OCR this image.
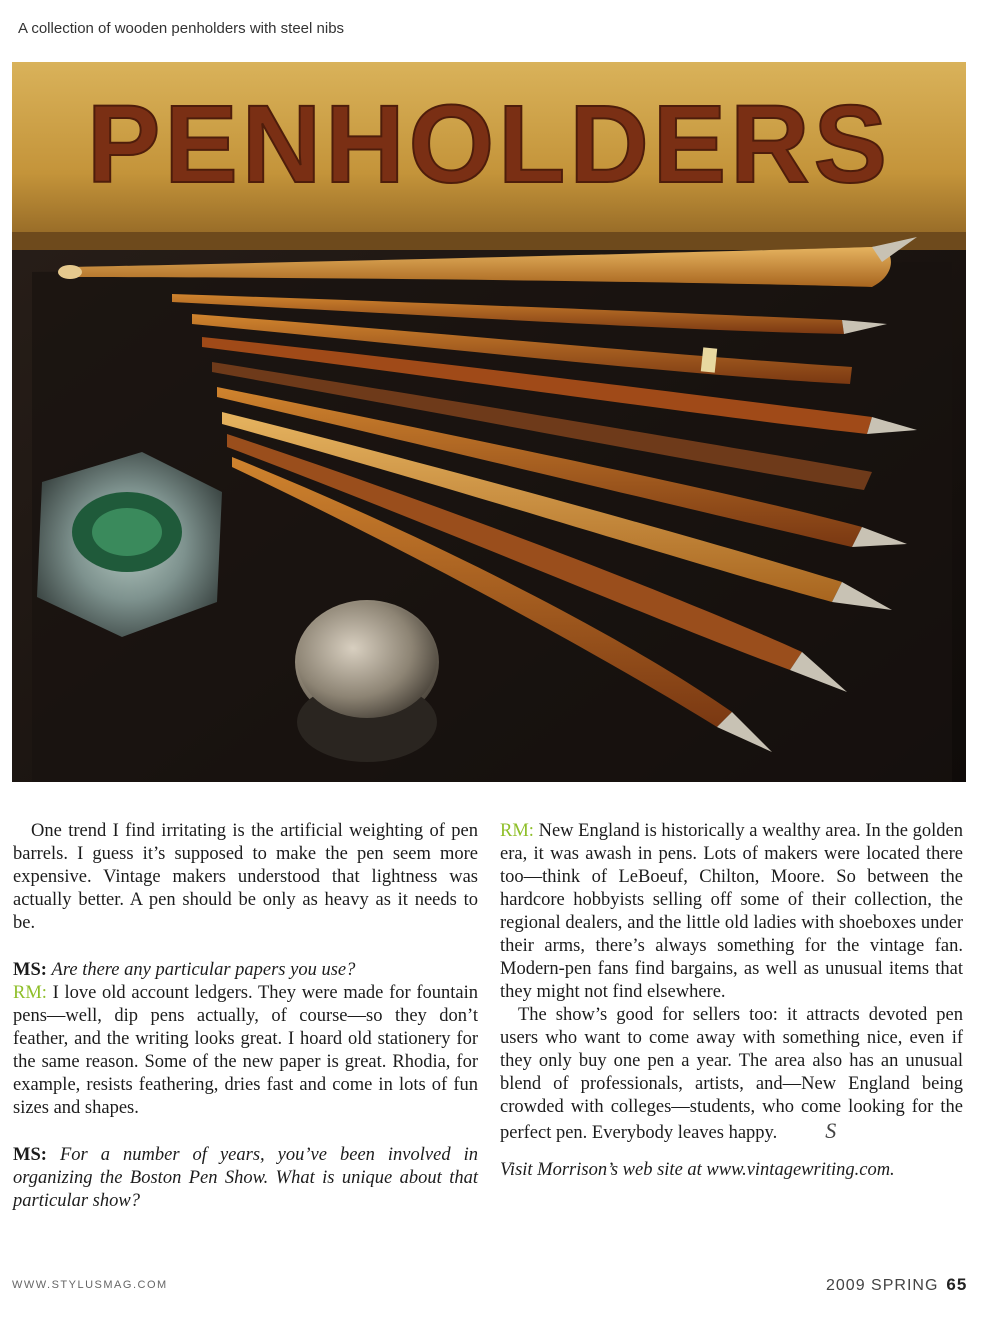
A collection of wooden penholders with steel nibs
PENHOLDERS

One trend I find irritating is the artificial weighting of pen barrels. I guess it’s supposed to make the pen seem more expensive. Vintage makers understood that lightness was actually better. A pen should be only as heavy as it needs to be.

MS: Are there any particular papers you use?

RM: I love old account ledgers. They were made for fountain pens—well, dip pens actually, of course—so they don’t feather, and the writing looks great. I hoard old stationery for the same reason. Some of the new paper is great. Rhodia, for example, resists feathering, dries fast and come in lots of fun sizes and shapes.

MS: For a number of years, you’ve been involved in organizing the Boston Pen Show. What is unique about that particular show?

RM: New England is historically a wealthy area. In the golden era, it was awash in pens. Lots of makers were located there too—think of LeBoeuf, Chilton, Moore. So between the hardcore hobbyists selling off some of their collection, the regional dealers, and the little old ladies with shoeboxes under their arms, there’s always something for the vintage fan. Modern-pen fans find bargains, as well as unusual items that they might not find elsewhere.

The show’s good for sellers too: it attracts devoted pen users who want to come away with something nice, even if they only buy one pen a year. The area also has an unusual blend of professionals, artists, and—New England being crowded with colleges—students, who come looking for the perfect pen. Everybody leaves happy. S

Visit Morrison’s web site at www.vintagewriting.com.

WWW.STYLUSMAG.COM	2009 SPRING 65
